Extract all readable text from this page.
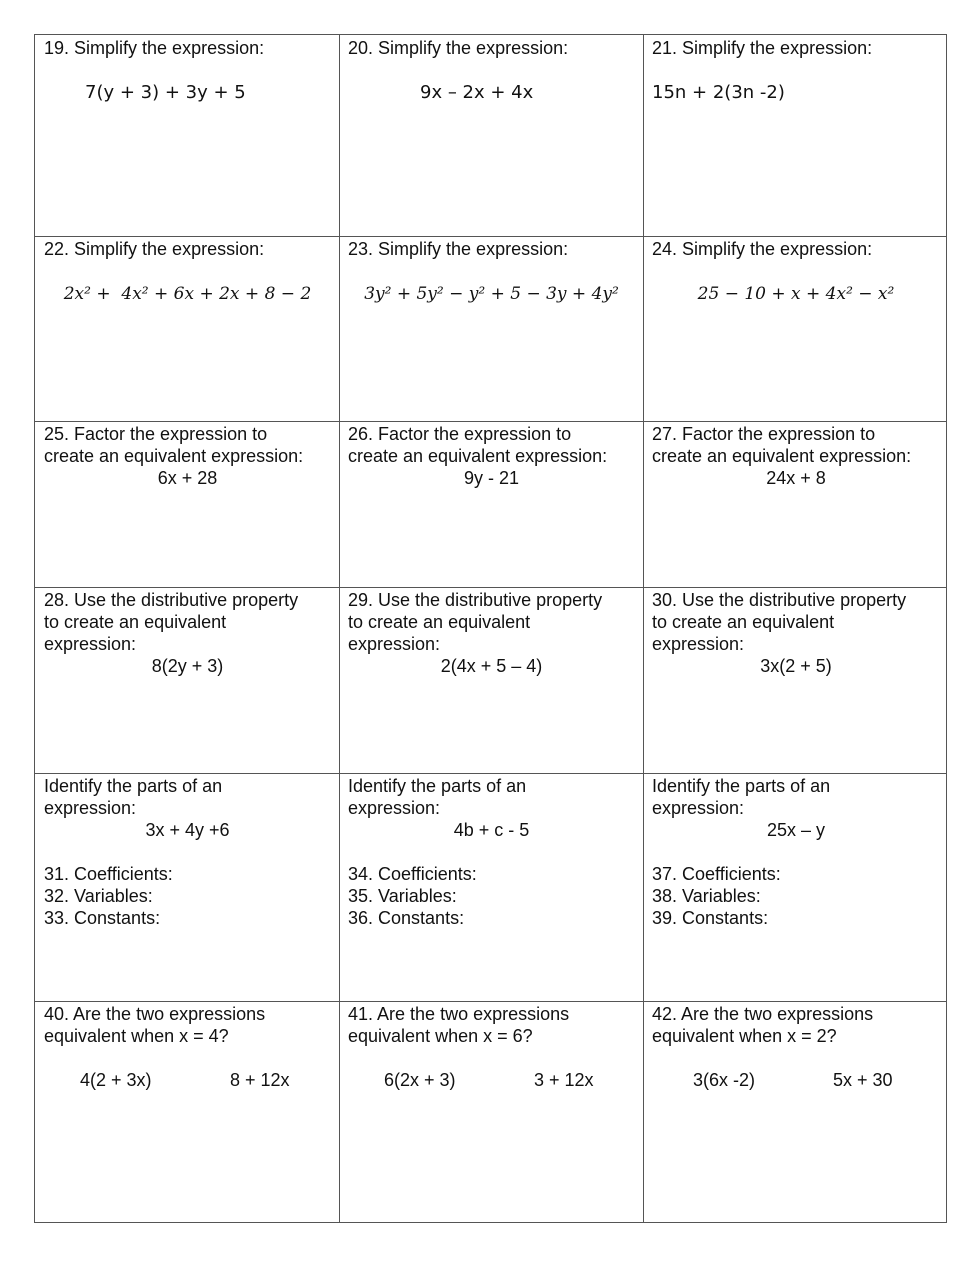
19. Simplify the expression:
7(y + 3) + 3y + 5
20. Simplify the expression:
9x – 2x + 4x
21. Simplify the expression:
15n + 2(3n -2)
22. Simplify the expression:
2x² +  4x² + 6x + 2x + 8 − 2
23. Simplify the expression:
3y² + 5y² − y² + 5 − 3y + 4y²
24. Simplify the expression:
25 − 10 + x + 4x² − x²
25. Factor the expression to
create an equivalent expression:
6x + 28
26. Factor the expression to
create an equivalent expression:
9y - 21
27. Factor the expression to
create an equivalent expression:
24x + 8
28. Use the distributive property
to create an equivalent
expression:
8(2y + 3)
29. Use the distributive property
to create an equivalent
expression:
2(4x + 5 – 4)
30. Use the distributive property
to create an equivalent
expression:
3x(2 + 5)
Identify the parts of an
expression:
3x + 4y +6
31. Coefficients:
32. Variables:
33. Constants:
Identify the parts of an
expression:
4b + c - 5
34. Coefficients:
35. Variables:
36. Constants:
Identify the parts of an
expression:
25x – y
37. Coefficients:
38. Variables:
39. Constants:
40. Are the two expressions
equivalent when x = 4?
4(2 + 3x)	8 + 12x
41. Are the two expressions
equivalent when x = 6?
6(2x + 3)	3 + 12x
42. Are the two expressions
equivalent when x = 2?
3(6x -2)	5x + 30
